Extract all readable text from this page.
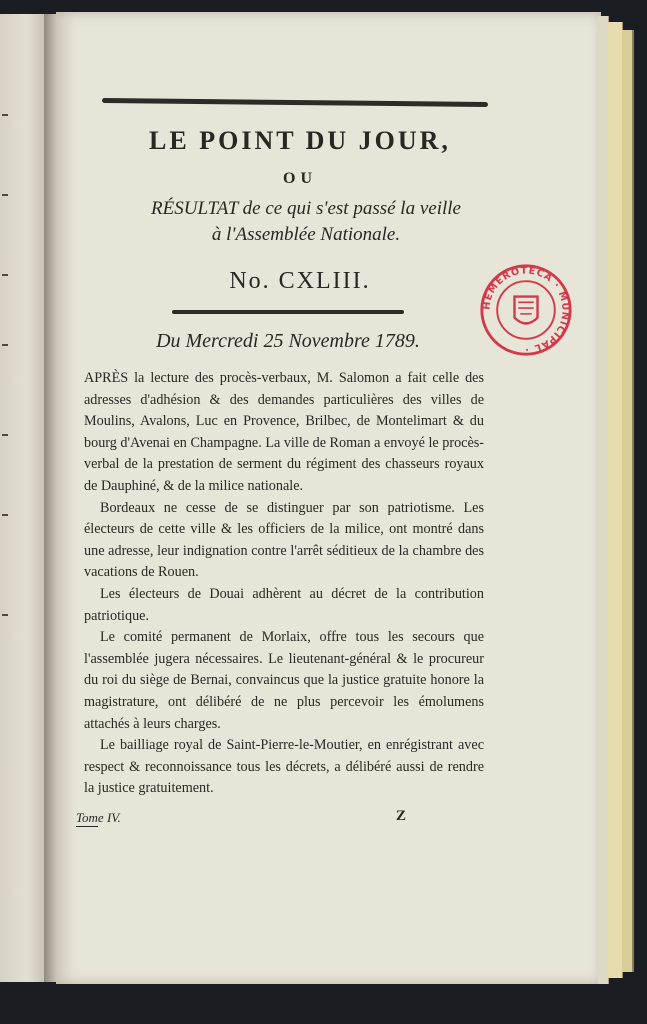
LE POINT DU JOUR,
OU
RÉSULTAT de ce qui s'est passé la veille
à l'Assemblée Nationale.
No. CXLIII.
HEMEROTECA · MUNICIPAL ·
Du Mercredi 25 Novembre 1789.

APRÈS la lecture des procès-verbaux, M. Salomon a fait celle des adresses d'adhésion & des demandes particulières des villes de Moulins, Avalons, Luc en Provence, Brilbec, de Montelimart & du bourg d'Avenai en Champagne. La ville de Roman a envoyé le procès-verbal de la prestation de serment du régiment des chasseurs royaux de Dauphiné, & de la milice nationale.

Bordeaux ne cesse de se distinguer par son patriotisme. Les électeurs de cette ville & les officiers de la milice, ont montré dans une adresse, leur indignation contre l'arrêt séditieux de la chambre des vacations de Rouen.

Les électeurs de Douai adhèrent au décret de la contribution patriotique.

Le comité permanent de Morlaix, offre tous les secours que l'assemblée jugera nécessaires. Le lieutenant-général & le procureur du roi du siège de Bernai, convaincus que la justice gratuite honore la magistrature, ont délibéré de ne plus percevoir les émolumens attachés à leurs charges.

Le bailliage royal de Saint-Pierre-le-Moutier, en enrégistrant avec respect & reconnoissance tous les décrets, a délibéré aussi de rendre la justice gratuitement.

Tome IV.	Z
